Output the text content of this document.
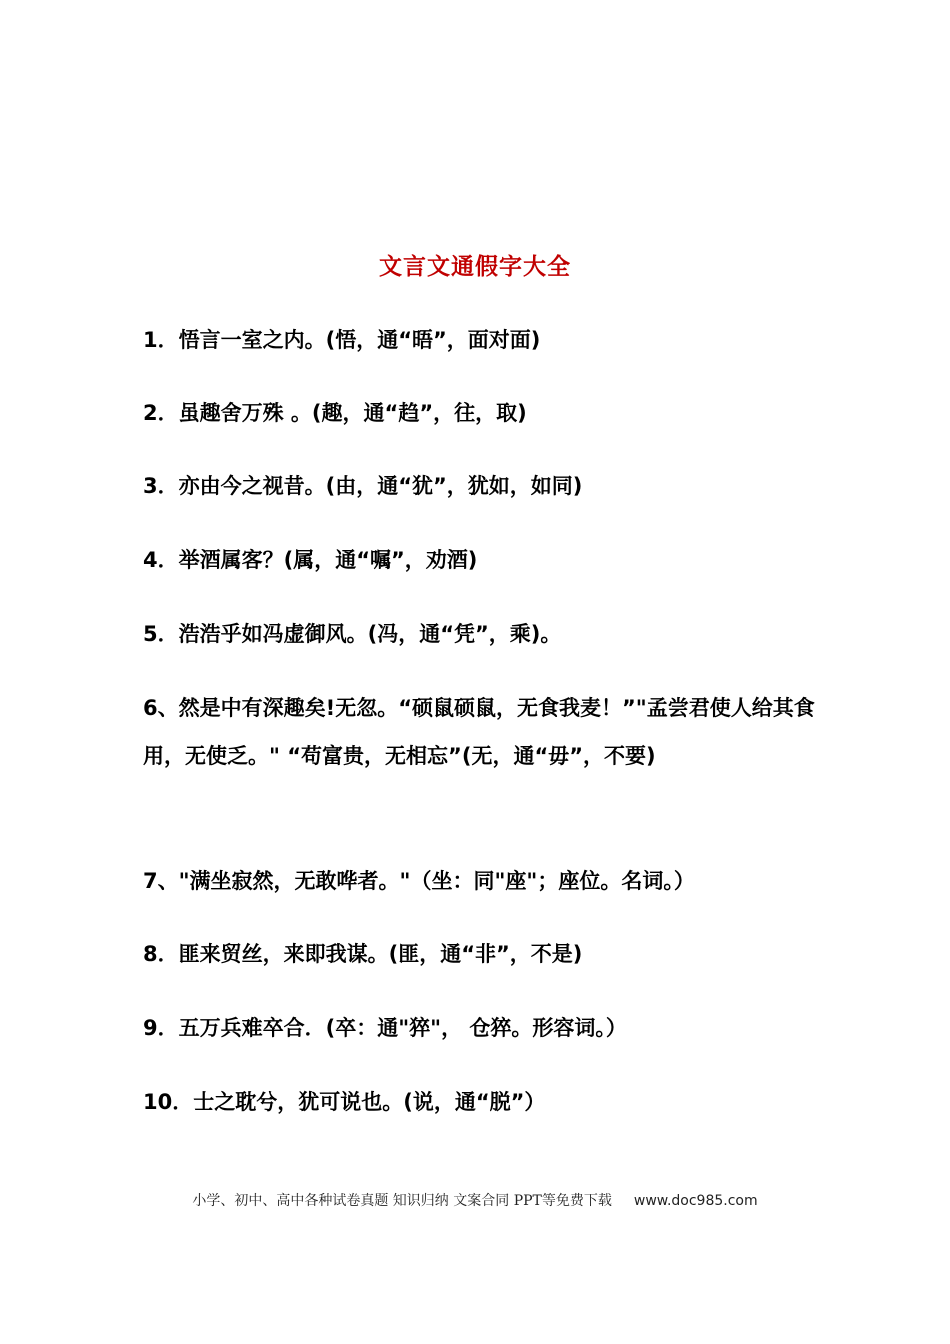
文言文通假字大全
1．悟言一室之内。(悟，通“晤”，面对面)
2．虽趣舍万殊 。(趣，通“趋”，往，取)
3．亦由今之视昔。(由，通“犹”，犹如，如同)
4．举酒属客？(属，通“嘱”，劝酒)
5．浩浩乎如冯虚御风。(冯，通“凭”，乘)。
6、然是中有深趣矣!无忽。“硕鼠硕鼠，无食我麦！”"孟尝君使人给其食用，无使乏。" “苟富贵，无相忘”(无，通“毋”，不要)
7、"满坐寂然，无敢哗者。"（坐：同"座"；座位。名词。）
8．匪来贸丝，来即我谋。(匪，通“非”，不是)
9．五万兵难卒合．(卒：通"猝"， 仓猝。形容词。）
10．士之耽兮，犹可说也。(说，通“脱”）
小学、初中、高中各种试卷真题 知识归纳 文案合同 PPT等免费下载 www.doc985.com
